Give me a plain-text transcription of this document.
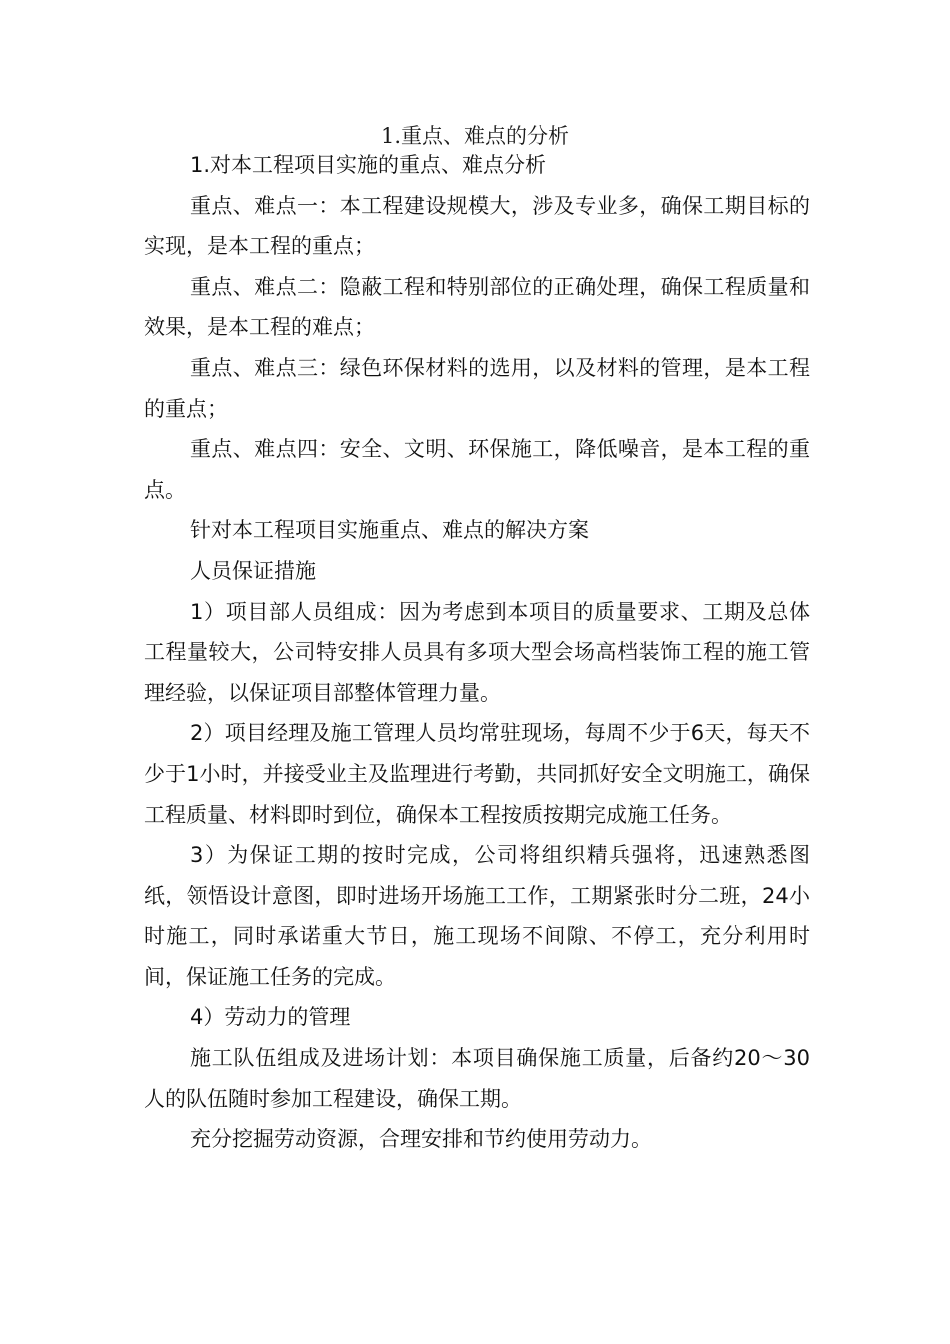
1.重点、难点的分析

1.对本工程项目实施的重点、难点分析

重点、难点一：本工程建设规模大，涉及专业多，确保工期目标的实现，是本工程的重点；

重点、难点二：隐蔽工程和特别部位的正确处理，确保工程质量和效果，是本工程的难点；

重点、难点三：绿色环保材料的选用，以及材料的管理，是本工程的重点；

重点、难点四：安全、文明、环保施工，降低噪音，是本工程的重点。

针对本工程项目实施重点、难点的解决方案

人员保证措施

1）项目部人员组成：因为考虑到本项目的质量要求、工期及总体工程量较大，公司特安排人员具有多项大型会场高档装饰工程的施工管理经验，以保证项目部整体管理力量。

2）项目经理及施工管理人员均常驻现场，每周不少于6天，每天不少于1小时，并接受业主及监理进行考勤，共同抓好安全文明施工，确保工程质量、材料即时到位，确保本工程按质按期完成施工任务。

3）为保证工期的按时完成，公司将组织精兵强将，迅速熟悉图纸，领悟设计意图，即时进场开场施工工作，工期紧张时分二班，24小时施工，同时承诺重大节日，施工现场不间隙、不停工，充分利用时间，保证施工任务的完成。

4）劳动力的管理

施工队伍组成及进场计划：本项目确保施工质量，后备约20～30人的队伍随时参加工程建设，确保工期。

充分挖掘劳动资源，合理安排和节约使用劳动力。
